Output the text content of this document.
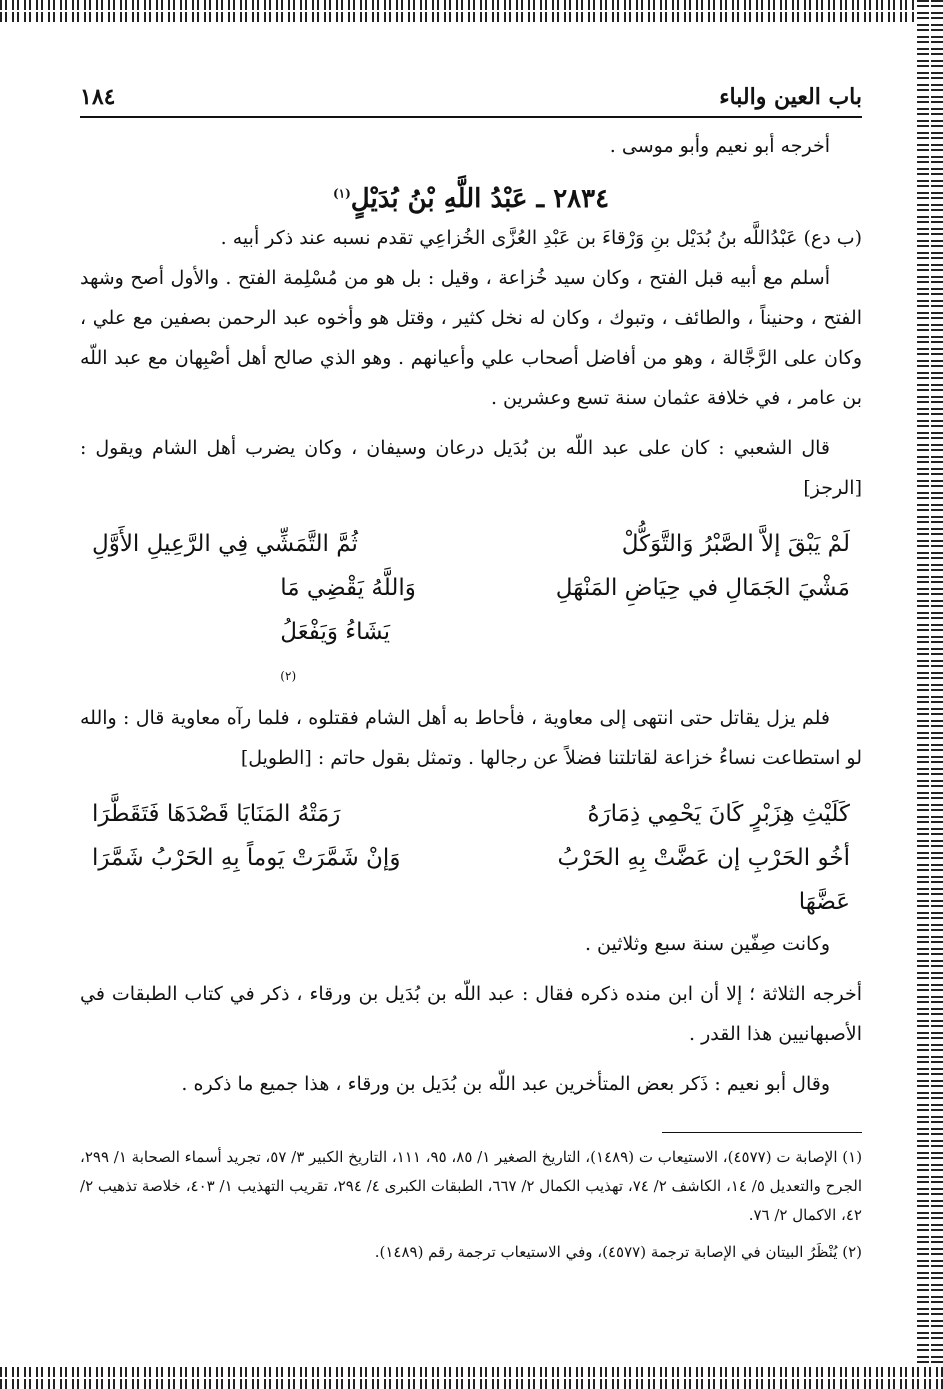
باب العين والباء
١٨٤

أخرجه أبو نعيم وأبو موسى .

٢٨٣٤ ـ عَبْدُ اللَّهِ بْنُ بُدَيْلٍ$^{(١)}$

(ب دع) عَبْدُاللَّه بنُ بُدَيْل بنِ وَرْقاءَ بن عَبْدِ العُزَّى الخُزاعِي تقدم نسبه عند ذكر أبيه .

أسلم مع أبيه قبل الفتح ، وكان سيد خُزاعة ، وقيل : بل هو من مُسْلِمة الفتح . والأول أصح وشهد الفتح ، وحنيناً ، والطائف ، وتبوك ، وكان له نخل كثير ، وقتل هو وأخوه عبد الرحمن بصفين مع علي ، وكان على الرَّجَّالة ، وهو من أفاضل أصحاب علي وأعيانهم . وهو الذي صالح أهل أصْبِهان مع عبد اللّه بن عامر ، في خلافة عثمان سنة تسع وعشرين .

قال الشعبي : كان على عبد اللّه بن بُدَيل درعان وسيفان ، وكان يضرب أهل الشام ويقول : [الرجز]

لَمْ يَبْقَ إلاَّ الصَّبْرُ وَالتَّوَكُّلْ
ثُمَّ التَّمَشِّي فِي الرَّعِيلِ الأَوَّلِ
مَشْيَ الجَمَالِ في حِيَاضِ المَنْهَلِ
وَاللَّهُ يَقْضِي مَا يَشَاءُ وَيَفْعَلُ
(٢)

فلم يزل يقاتل حتى انتهى إلى معاوية ، فأحاط به أهل الشام فقتلوه ، فلما رآه معاوية قال : والله لو استطاعت نساءُ خزاعة لقاتلتنا فضلاً عن رجالها . وتمثل بقول حاتم : [الطويل]

كَلَيْثِ هِزَبْرٍ كَانَ يَحْمِي ذِمَارَهُ
رَمَتْهُ المَنَايَا قَصْدَهَا فَتَقَطَّرَا
أخُو الحَرْبِ إن عَضَّتْ بِهِ الحَرْبُ عَضَّهَا
وَإنْ شَمَّرَتْ يَوماً بِهِ الحَرْبُ شَمَّرَا

وكانت صِفّين سنة سبع وثلاثين .

أخرجه الثلاثة ؛ إلا أن ابن منده ذكره فقال : عبد اللّه بن بُدَيل بن ورقاء ، ذكر في كتاب الطبقات في الأصبهانيين هذا القدر .

وقال أبو نعيم : ذَكر بعض المتأخرين عبد اللّه بن بُدَيل بن ورقاء ، هذا جميع ما ذكره .

(١) الإصابة ت (٤٥٧٧)، الاستيعاب ت (١٤٨٩)، التاريخ الصغير ١/ ٨٥، ٩٥، ١١١، التاريخ الكبير ٣/ ٥٧، تجريد أسماء الصحابة ١/ ٢٩٩، الجرح والتعديل ٥/ ١٤، الكاشف ٢/ ٧٤، تهذيب الكمال ٢/ ٦٦٧، الطبقات الكبرى ٤/ ٢٩٤، تقريب التهذيب ١/ ٤٠٣، خلاصة تذهيب ٢/ ٤٢، الاكمال ٢/ ٧٦.

(٢) يُنْظَرُ البيتان في الإصابة ترجمة (٤٥٧٧)، وفي الاستيعاب ترجمة رقم (١٤٨٩).
